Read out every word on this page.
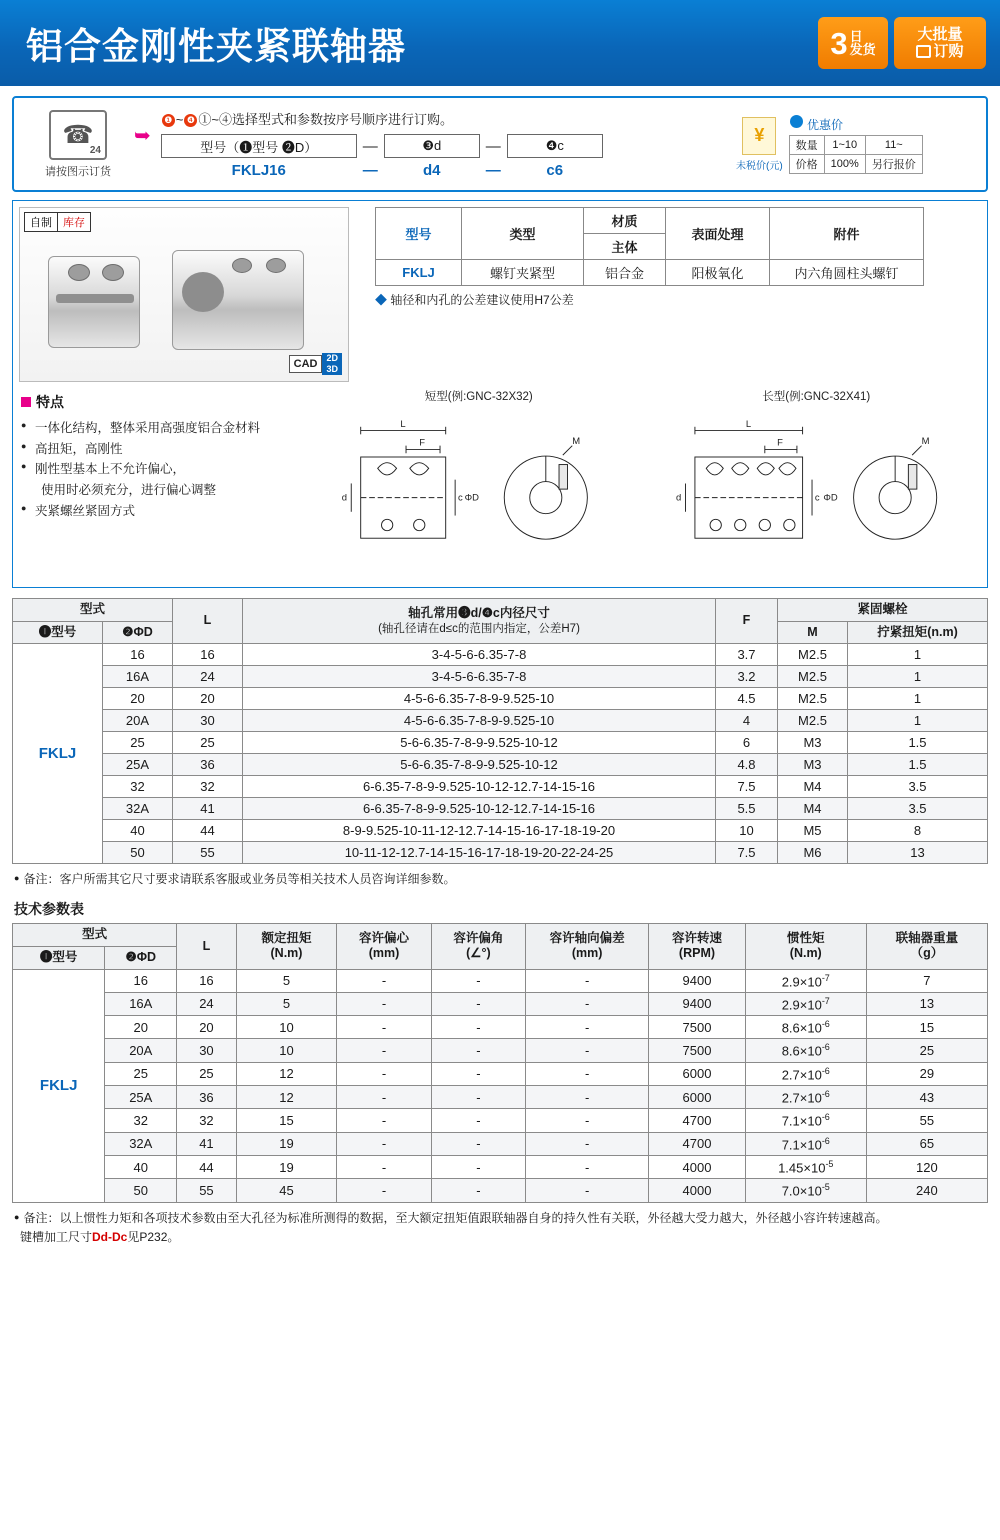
铝合金刚性夹紧联轴器	3 日
发货
大批量
订购
☎
24
请按图示订货
➥
❶ ~ ❹ ①~④选择型式和参数按序号顺序进行订购。
型号（❶型号 ❷D）	—	❸d	—	❹c
FKLJ16	—	d4	—	c6
¥
未税价(元)
优惠价
数量	1~10	11~
价格	100%	另行报价
自制	库存
CAD	2D
3D
型号	类型	材质	表面处理	附件
		主体		
FKLJ	螺钉夹紧型	铝合金	阳极氧化	内六角圆柱头螺钉
◆ 轴径和内孔的公差建议使用H7公差
特点
● 一体化结构，整体采用高强度铝合金材料
● 高扭矩，高刚性
● 刚性型基本上不允许偏心，
使用时必须充分，进行偏心调整
● 夹紧螺丝紧固方式
短型(例:GNC-32X32)
L
F
d	c
M
ΦD
长型(例:GNC-32X41)
L
F
d	c
M
ΦD
型式		L	轴孔常用❸d/❹c内径尺寸
(轴孔径请在d≤c的范围内指定，公差H7)	F	紧固螺栓	
❶型号	❷ΦD				M	拧紧扭矩(n.m)
FKLJ	16	16	3-4-5-6-6.35-7-8	3.7	M2.5	1
	16A	24	3-4-5-6-6.35-7-8	3.2	M2.5	1
	20	20	4-5-6-6.35-7-8-9-9.525-10	4.5	M2.5	1
	20A	30	4-5-6-6.35-7-8-9-9.525-10	4	M2.5	1
	25	25	5-6-6.35-7-8-9-9.525-10-12	6	M3	1.5
	25A	36	5-6-6.35-7-8-9-9.525-10-12	4.8	M3	1.5
	32	32	6-6.35-7-8-9-9.525-10-12-12.7-14-15-16	7.5	M4	3.5
	32A	41	6-6.35-7-8-9-9.525-10-12-12.7-14-15-16	5.5	M4	3.5
	40	44	8-9-9.525-10-11-12-12.7-14-15-16-17-18-19-20	10	M5	8
	50	55	10-11-12-12.7-14-15-16-17-18-19-20-22-24-25	7.5	M6	13
● 备注：客户所需其它尺寸要求请联系客服或业务员等相关技术人员咨询详细参数。
技术参数表
型式	L	
额定扭矩
(N.m)

容许偏心
(mm)

容许偏角
(∠°)

容许轴向偏差
(mm)

容许转速
(RPM)

惯性矩
(N.m)

联轴器重量
（g）

❶型号	❷ΦD								
FKLJ	16	16	5	-	-	-	9400	$2.9\times 10^{-7}$	7
	16A	24	5	-	-	-	9400	$2.9\times 10^{-7}$	13
	20	20	10	-	-	-	7500	$8.6\times 10^{-6}$	15
	20A	30	10	-	-	-	7500	$8.6\times 10^{-6}$	25
	25	25	12	-	-	-	6000	$2.7\times 10^{-6}$	29
	25A	36	12	-	-	-	6000	$2.7\times 10^{-6}$	43
	32	32	15	-	-	-	4700	$7.1\times 10^{-6}$	55
	32A	41	19	-	-	-	4700	$7.1\times 10^{-6}$	65
	40	44	19	-	-	-	4000	$1.45\times 10^{-5}$	120
	50	55	45	-	-	-	4000	$7.0\times 10^{-5}$	240
● 备注：以上惯性力矩和各项技术参数由至大孔径为标准所测得的数据，至大额定扭矩值跟联轴器自身的持久性有关联，外径越大受力越大，外径越小容许转速越高。
键槽加工尺寸Dd-Dc见P232。
